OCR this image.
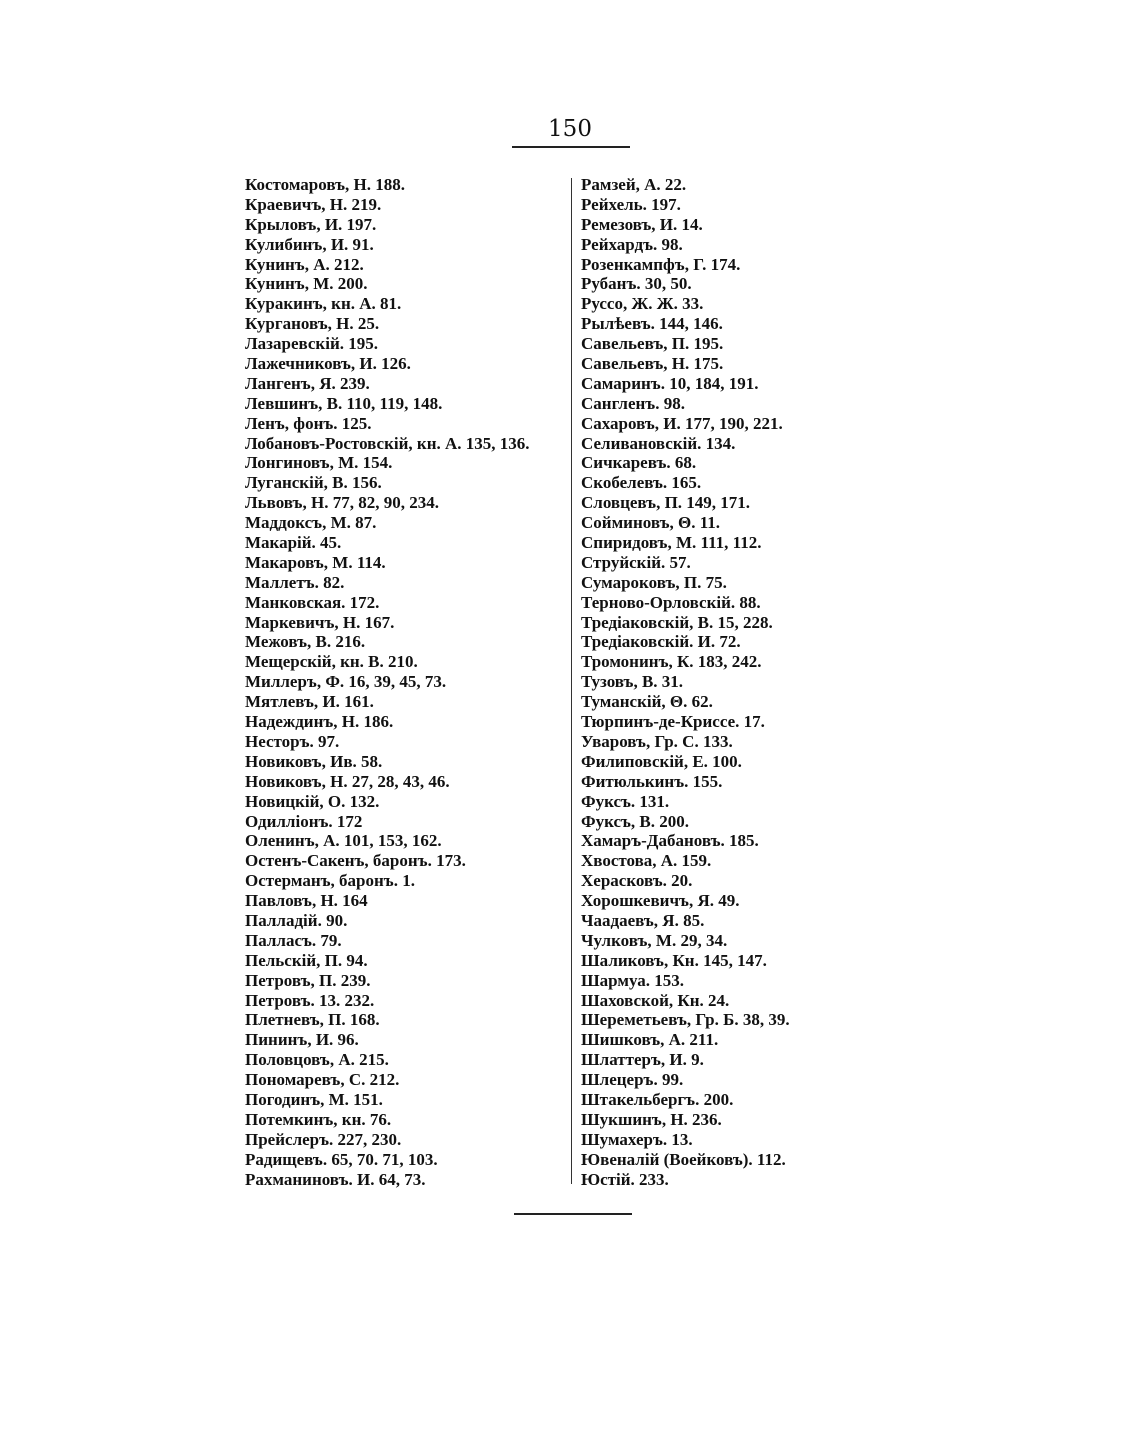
150
Костомаровъ, Н. 188.
Краевичъ, Н. 219.
Крыловъ, И. 197.
Кулибинъ, И. 91.
Кунинъ, А. 212.
Кунинъ, М. 200.
Куракинъ, кн. А. 81.
Кургановъ, Н. 25.
Лазаревскій. 195.
Лажечниковъ, И. 126.
Лангенъ, Я. 239.
Левшинъ, В. 110, 119, 148.
Ленъ, фонъ. 125.
Лобановъ-Ростовскій, кн. А. 135, 136.
Лонгиновъ, М. 154.
Луганскій, В. 156.
Львовъ, Н. 77, 82, 90, 234.
Маддоксъ, М. 87.
Макарій. 45.
Макаровъ, М. 114.
Маллетъ. 82.
Манковская. 172.
Маркевичъ, Н. 167.
Межовъ, В. 216.
Мещерскій, кн. В. 210.
Миллеръ, Ф. 16, 39, 45, 73.
Мятлевъ, И. 161.
Надеждинъ, Н. 186.
Несторъ. 97.
Новиковъ, Ив. 58.
Новиковъ, Н. 27, 28, 43, 46.
Новицкій, О. 132.
Одиллiонъ. 172
Оленинъ, А. 101, 153, 162.
Остенъ-Сакенъ, баронъ. 173.
Остерманъ, баронъ. 1.
Павловъ, Н. 164
Палладій. 90.
Палласъ. 79.
Пельскій, П. 94.
Петровъ, П. 239.
Петровъ. 13. 232.
Плетневъ, П. 168.
Пининъ, И. 96.
Половцовъ, А. 215.
Пономаревъ, С. 212.
Погодинъ, М. 151.
Потемкинъ, кн. 76.
Прейслеръ. 227, 230.
Радищевъ. 65, 70. 71, 103.
Рахманиновъ. И. 64, 73.
Рамзей, А. 22.
Рейхель. 197.
Ремезовъ, И. 14.
Рейхардъ. 98.
Розенкампфъ, Г. 174.
Рубанъ. 30, 50.
Руссо, Ж. Ж. 33.
Рылѣевъ. 144, 146.
Савельевъ, П. 195.
Савельевъ, Н. 175.
Самаринъ. 10, 184, 191.
Сангленъ. 98.
Сахаровъ, И. 177, 190, 221.
Селивановскій. 134.
Сичкаревъ. 68.
Скобелевъ. 165.
Словцевъ, П. 149, 171.
Сойминовъ, Θ. 11.
Спиридовъ, М. 111, 112.
Струйскій. 57.
Сумароковъ, П. 75.
Терново-Орловскій. 88.
Тредіаковскій, В. 15, 228.
Тредіаковскій. И. 72.
Тромонинъ, К. 183, 242.
Тузовъ, В. 31.
Туманскій, Θ. 62.
Тюрпинъ-де-Криссе. 17.
Уваровъ, Гр. С. 133.
Филиповскій, Е. 100.
Фитюлькинъ. 155.
Фуксъ. 131.
Фуксъ, В. 200.
Хамаръ-Дабановъ. 185.
Хвостова, А. 159.
Херасковъ. 20.
Хорошкевичъ, Я. 49.
Чаадаевъ, Я. 85.
Чулковъ, М. 29, 34.
Шаликовъ, Кн. 145, 147.
Шармуа. 153.
Шаховской, Кн. 24.
Шереметьевъ, Гр. Б. 38, 39.
Шишковъ, А. 211.
Шлаттеръ, И. 9.
Шлецеръ. 99.
Штакельбергъ. 200.
Шукшинъ, Н. 236.
Шумахеръ. 13.
Ювеналій (Воейковъ). 112.
Юстій. 233.
